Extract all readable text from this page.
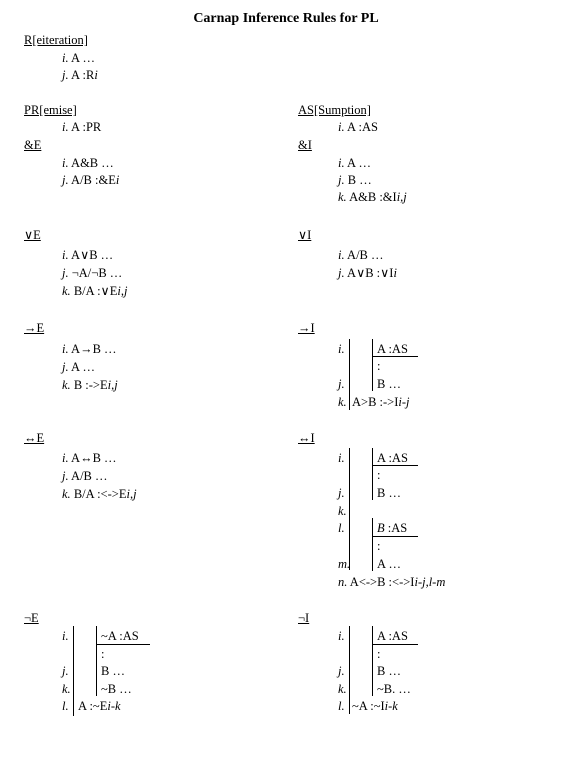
Carnap Inference Rules for PL
R[eiteration]
i. A …
j. A :Ri
PR[emise]
i. A :PR
AS[Sumption]
i. A :AS
&E
i. A&B …
j. A/B :&Ei
&I
i. A …
j. B …
k. A&B :&Ii,j
∨E
i. A∨B …
j. ¬A/¬B …
k. B/A :∨Ei,j
∨I
i. A/B …
j. A∨B :∨Ii
→E
i. A→B …
j. A …
k. B :->Ei,j
→I
i.
j.
k.
A :AS
:
B …
A>B :->Ii-j
↔E
i. A↔B …
j. A/B …
k. B/A :<->Ei,j
↔I
i.
j.
k.
l.
m.
A :AS
:
B …
B :AS
:
A …
n. A<->B :<->Ii-j,l-m
¬E
i.
j.
k.
l.
~A :AS
:
B …
~B …
A :~Ei-k
¬I
i.
j.
k.
l.
A :AS
:
B …
~B. …
~A :~Ii-k
